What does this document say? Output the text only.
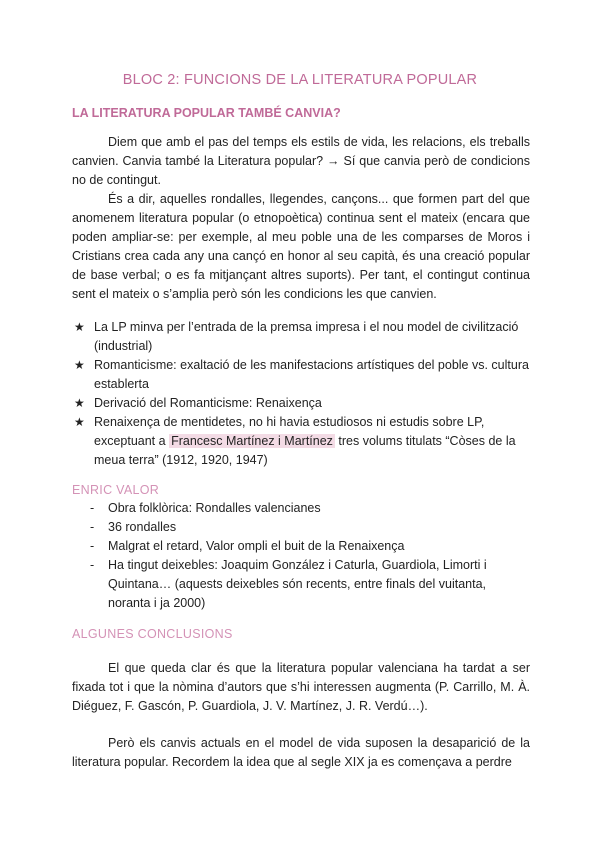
BLOC 2: FUNCIONS DE LA LITERATURA POPULAR
LA LITERATURA POPULAR TAMBÉ CANVIA?

Diem que amb el pas del temps els estils de vida, les relacions, els treballs canvien. Canvia també la Literatura popular? → Sí que canvia però de condicions no de contingut.

És a dir, aquelles rondalles, llegendes, cançons... que formen part del que anomenem literatura popular (o etnopoètica) continua sent el mateix (encara que poden ampliar-se: per exemple, al meu poble una de les comparses de Moros i Cristians crea cada any una cançó en honor al seu capità, és una creació popular de base verbal; o es fa mitjançant altres suports). Per tant, el contingut continua sent el mateix o s’amplia però són les condicions les que canvien.

★ La LP minva per l’entrada de la premsa impresa i el nou model de civilització (industrial)
★ Romanticisme: exaltació de les manifestacions artístiques del poble vs. cultura establerta
★ Derivació del Romanticisme: Renaixença
★ Renaixença de mentidetes, no hi havia estudiosos ni estudis sobre LP, exceptuant a Francesc Martínez i Martínez tres volums titulats “Còses de la meua terra” (1912, 1920, 1947)
ENRIC VALOR
- Obra folklòrica: Rondalles valencianes
- 36 rondalles
- Malgrat el retard, Valor ompli el buit de la Renaixença
- Ha tingut deixebles: Joaquim González i Caturla, Guardiola, Limorti i Quintana… (aquests deixebles són recents, entre finals del vuitanta, noranta i ja 2000)
ALGUNES CONCLUSIONS

El que queda clar és que la literatura popular valenciana ha tardat a ser fixada tot i que la nòmina d’autors que s’hi interessen augmenta (P. Carrillo, M. À. Diéguez, F. Gascón, P. Guardiola, J. V. Martínez, J. R. Verdú…).

Però els canvis actuals en el model de vida suposen la desaparició de la literatura popular. Recordem la idea que al segle XIX ja es començava a perdre
